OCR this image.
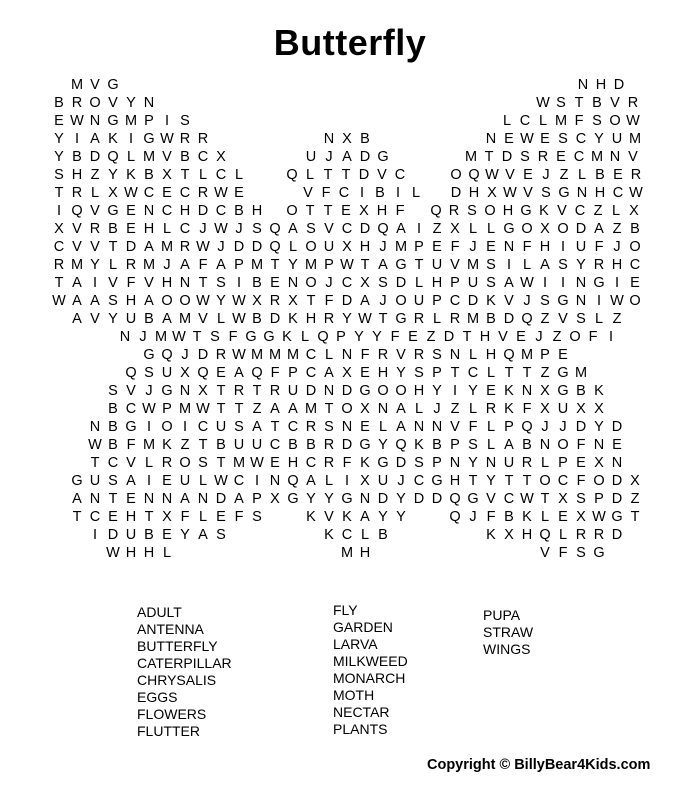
Butterfly
M V G	N H D
B R O V Y N	W S T B V R
E W N G M P I S	L C L M F S O W
Y I A K I G W R R	N X B	N E W E S C Y U M
Y B D Q L M V B C X	U J A D G	M T D S R E C M N V
S H Z Y K B X T L C L	Q L T T D V C	O Q W V E J Z L B E R
T R L X W C E C R W E	V F C I B I L	D H X W V S G N H C W
I Q V G E N C H D C B H O T T E X H F	Q R S O H G K V C Z L X
X V R B E H L C J W J S Q A S V C D Q A I Z X L L G O X O D A Z B
C V V T D A M R W J D D Q L O U X H J M P E F J E N F H I U F J O
R M Y L R M J A F A P M T Y M P W T A G T U V M S I L A S Y R H C
T A I V F V H N T S I B E N O J C X S D L H P U S A W I I N G I E
W A A S H A O O W Y W X R X T F D A J O U P C D K V J S G N I W O
A V Y U B A M V L W B D K H R Y W T G R L R M B D Q Z V S L Z
N J M W T S F G G K L Q P Y Y F E Z D T H V E J Z O F I
G Q J D R W M M M C L N F R V R S N L H Q M P E
Q S U X Q E A Q F P C A X E H Y S P T C L T T Z G M
S V J G N X T R T R U D N D G O O H Y I Y E K N X G B K
B C W P M W T T Z A A M T O X N A L J Z L R K F X U X X
N B G I O I C U S A T C R S N E L A N N V F L P Q J J D Y D
W B F M K Z T B U U C B B R D G Y Q K B P S L A B N O F N E
T C V L R O S T M W E H C R F K G D S P N Y N U R L P E X N
G U S A I E U L W C I N Q A L I X U J C G H T Y T T O C F O D X
A N T E N N A N D A P X G Y Y G N D Y D D Q G V C W T X S P D Z
T C E H T X F L E F S	K V K A Y Y	Q J F B K L E X W G T
I D U B E Y A S	K C L B	K X H Q L R R D
W H H L	M H	V F S G
ADULT
ANTENNA
BUTTERFLY
CATERPILLAR
CHRYSALIS
EGGS
FLOWERS
FLUTTER
FLY
GARDEN
LARVA
MILKWEED
MONARCH
MOTH
NECTAR
PLANTS
PUPA
STRAW
WINGS
Copyright © BillyBear4Kids.com
